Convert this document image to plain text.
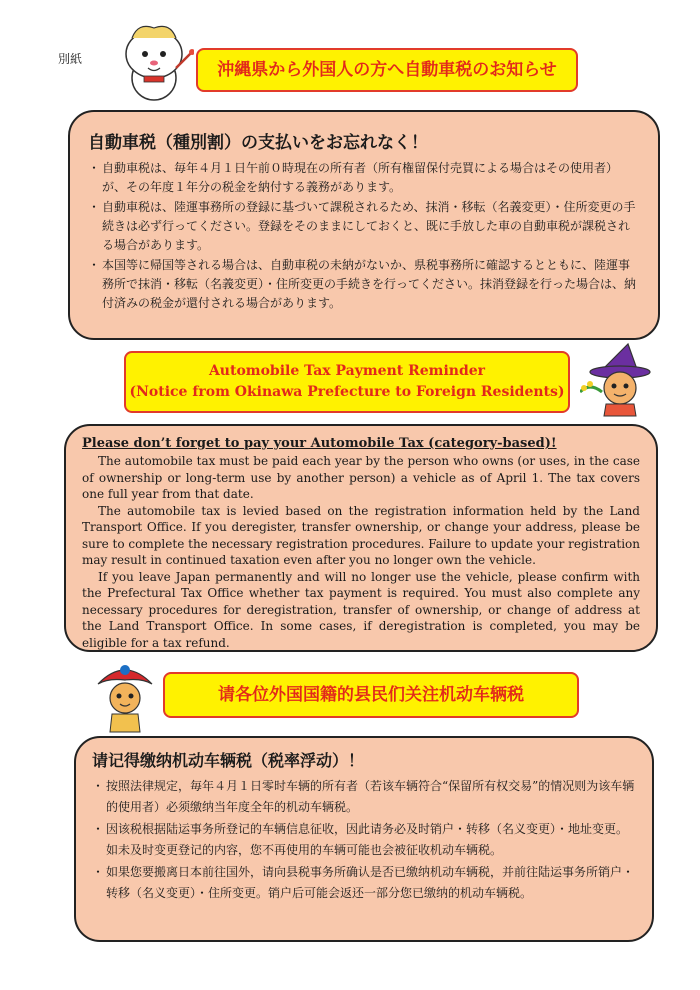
別紙
沖縄県から外国人の方へ自動車税のお知らせ
自動車税（種別割）の支払いをお忘れなく！
・ 自動車税は、毎年４月１日午前０時現在の所有者（所有権留保付売買による場合はその使用者）が、その年度１年分の税金を納付する義務があります。
・ 自動車税は、陸運事務所の登録に基づいて課税されるため、抹消・移転（名義変更）・住所変更の手続きは必ず行ってください。登録をそのままにしておくと、既に手放した車の自動車税が課税される場合があります。
・ 本国等に帰国等される場合は、自動車税の未納がないか、県税事務所に確認するとともに、陸運事務所で抹消・移転（名義変更）・住所変更の手続きを行ってください。抹消登録を行った場合は、納付済みの税金が還付される場合があります。
Automobile Tax Payment Reminder
(Notice from Okinawa Prefecture to Foreign Residents)
Please don’t forget to pay your Automobile Tax (category-based)!

The automobile tax must be paid each year by the person who owns (or uses, in the case of ownership or long-term use by another person) a vehicle as of April 1. The tax covers one full year from that date.

The automobile tax is levied based on the registration information held by the Land Transport Office. If you deregister, transfer ownership, or change your address, please be sure to complete the necessary registration procedures. Failure to update your registration may result in continued taxation even after you no longer own the vehicle.

If you leave Japan permanently and will no longer use the vehicle, please confirm with the Prefectural Tax Office whether tax payment is required. You must also complete any necessary procedures for deregistration, transfer of ownership, or change of address at the Land Transport Office. In some cases, if deregistration is completed, you may be eligible for a tax refund.

请各位外国国籍的县民们关注机动车辆税
请记得缴纳机动车辆税（税率浮动）！
・ 按照法律规定，毎年４月１日零时车辆的所有者（若该车辆符合“保留所有权交易”的情况则为该车辆的使用者）必须缴纳当年度全年的机动车辆税。
・ 因该税根据陆运事务所登记的车辆信息征收，因此请务必及时销户・转移（名义变更）・地址变更。如未及时变更登记的内容，您不再使用的车辆可能也会被征收机动车辆税。
・ 如果您要搬离日本前往国外，请向县税事务所确认是否已缴纳机动车辆税，并前往陆运事务所销户・转移（名义变更）・住所变更。销户后可能会返还一部分您已缴纳的机动车辆税。
